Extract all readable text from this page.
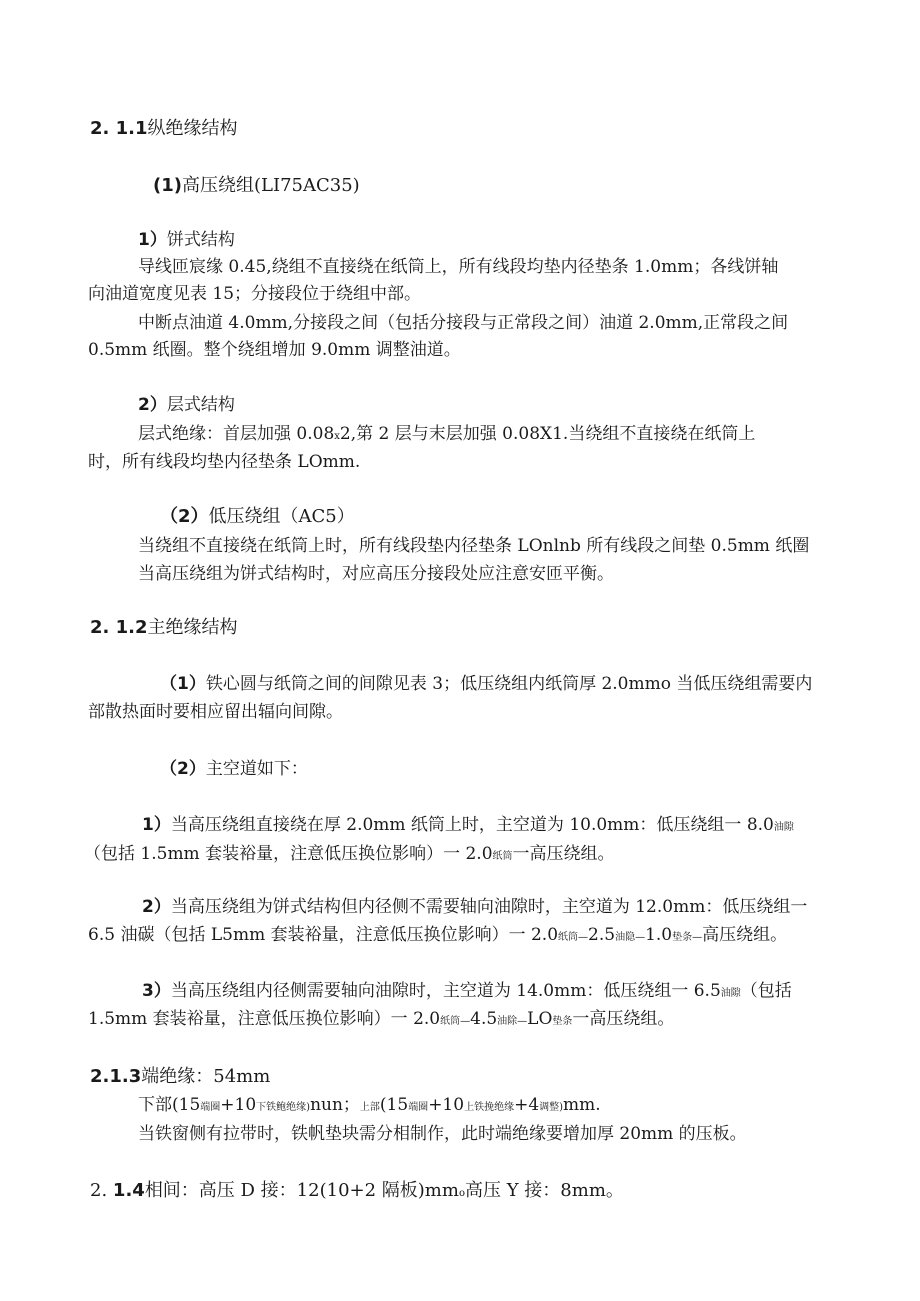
2. 1.1纵绝缘结构
(1)高压绕组(LI75AC35)
1）饼式结构
导线匝宸缘 0.45,绕组不直接绕在纸筒上，所有线段均垫内径垫条 1.0mm；各线饼轴
向油道宽度见表 15；分接段位于绕组中部。
中断点油道 4.0mm,分接段之间（包括分接段与正常段之间）油道 2.0mm,正常段之间
0.5mm 纸圈。整个绕组增加 9.0mm 调整油道。
2）层式结构
层式绝缘：首层加强 0.08x2,第 2 层与末层加强 0.08X1.当绕组不直接绕在纸筒上
时，所有线段均垫内径垫条 LOmm.
（2）低压绕组（AC5）
当绕组不直接绕在纸筒上时，所有线段垫内径垫条 LOnlnb 所有线段之间垫 0.5mm 纸圈
当高压绕组为饼式结构时，对应高压分接段处应注意安匝平衡。
2. 1.2主绝缘结构
（1）铁心圆与纸筒之间的间隙见表 3；低压绕组内纸筒厚 2.0mmo 当低压绕组需要内
部散热面时要相应留出辐向间隙。
（2）主空道如下：
1）当高压绕组直接绕在厚 2.0mm 纸筒上时，主空道为 10.0mm：低压绕组一 8.0油隙
（包括 1.5mm 套装裕量，注意低压换位影响）一 2.0纸筒一高压绕组。
2）当高压绕组为饼式结构但内径侧不需要轴向油隙时，主空道为 12.0mm：低压绕组一
6.5 油碳（包括 L5mm 套装裕量，注意低压换位影响）一 2.0纸筒—2.5油隐—1.0垫条—高压绕组。
3）当高压绕组内径侧需要轴向油隙时，主空道为 14.0mm：低压绕组一 6.5油隙（包括
1.5mm 套装裕量，注意低压换位影响）一 2.0纸筒—4.5油除—LO垫条一高压绕组。
2.1.3端绝缘：54mm
下部(15端圈+10下铁鲍绝缘)nun；上部(15端圈+10上铁挽绝缘+4调整)mm.
当铁窗侧有拉带时，铁帆垫块需分相制作，此时端绝缘要增加厚 20mm 的压板。
2. 1.4相间：高压 D 接：12(10+2 隔板)mmo高压 Y 接：8mm。
